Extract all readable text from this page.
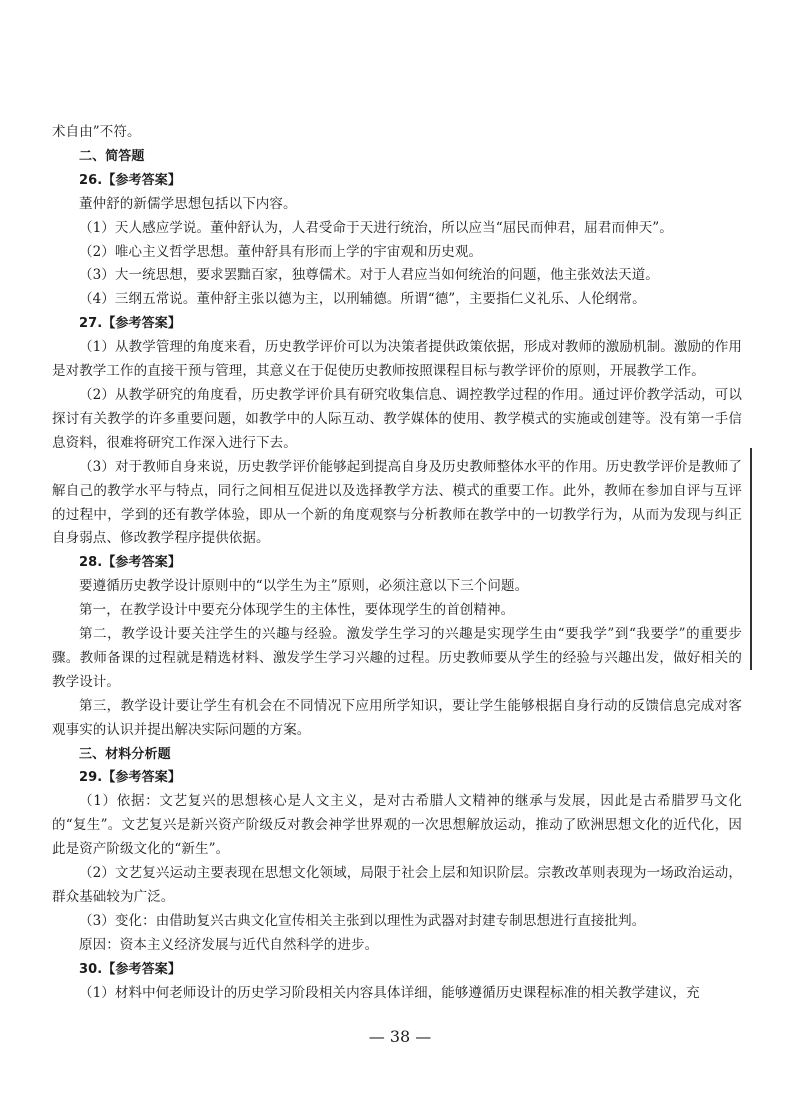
术自由”不符。

二、简答题

26.【参考答案】

董仲舒的新儒学思想包括以下内容。

（1）天人感应学说。董仲舒认为，人君受命于天进行统治，所以应当“屈民而伸君，屈君而伸天”。

（2）唯心主义哲学思想。董仲舒具有形而上学的宇宙观和历史观。

（3）大一统思想，要求罢黜百家，独尊儒术。对于人君应当如何统治的问题，他主张效法天道。

（4）三纲五常说。董仲舒主张以德为主，以刑辅德。所谓“德”，主要指仁义礼乐、人伦纲常。

27.【参考答案】

（1）从教学管理的角度来看，历史教学评价可以为决策者提供政策依据，形成对教师的激励机制。激励的作用是对教学工作的直接干预与管理，其意义在于促使历史教师按照课程目标与教学评价的原则，开展教学工作。

（2）从教学研究的角度看，历史教学评价具有研究收集信息、调控教学过程的作用。通过评价教学活动，可以探讨有关教学的许多重要问题，如教学中的人际互动、教学媒体的使用、教学模式的实施或创建等。没有第一手信息资料，很难将研究工作深入进行下去。

（3）对于教师自身来说，历史教学评价能够起到提高自身及历史教师整体水平的作用。历史教学评价是教师了解自己的教学水平与特点，同行之间相互促进以及选择教学方法、模式的重要工作。此外，教师在参加自评与互评的过程中，学到的还有教学体验，即从一个新的角度观察与分析教师在教学中的一切教学行为，从而为发现与纠正自身弱点、修改教学程序提供依据。

28.【参考答案】

要遵循历史教学设计原则中的“以学生为主”原则，必须注意以下三个问题。

第一，在教学设计中要充分体现学生的主体性，要体现学生的首创精神。

第二，教学设计要关注学生的兴趣与经验。激发学生学习的兴趣是实现学生由“要我学”到“我要学”的重要步骤。教师备课的过程就是精选材料、激发学生学习兴趣的过程。历史教师要从学生的经验与兴趣出发，做好相关的教学设计。

第三，教学设计要让学生有机会在不同情况下应用所学知识，要让学生能够根据自身行动的反馈信息完成对客观事实的认识并提出解决实际问题的方案。

三、材料分析题

29.【参考答案】

（1）依据：文艺复兴的思想核心是人文主义，是对古希腊人文精神的继承与发展，因此是古希腊罗马文化的“复生”。文艺复兴是新兴资产阶级反对教会神学世界观的一次思想解放运动，推动了欧洲思想文化的近代化，因此是资产阶级文化的“新生”。

（2）文艺复兴运动主要表现在思想文化领域，局限于社会上层和知识阶层。宗教改革则表现为一场政治运动，群众基础较为广泛。

（3）变化：由借助复兴古典文化宣传相关主张到以理性为武器对封建专制思想进行直接批判。

原因：资本主义经济发展与近代自然科学的进步。

30.【参考答案】

（1）材料中何老师设计的历史学习阶段相关内容具体详细，能够遵循历史课程标准的相关教学建议，充

— 38 —
